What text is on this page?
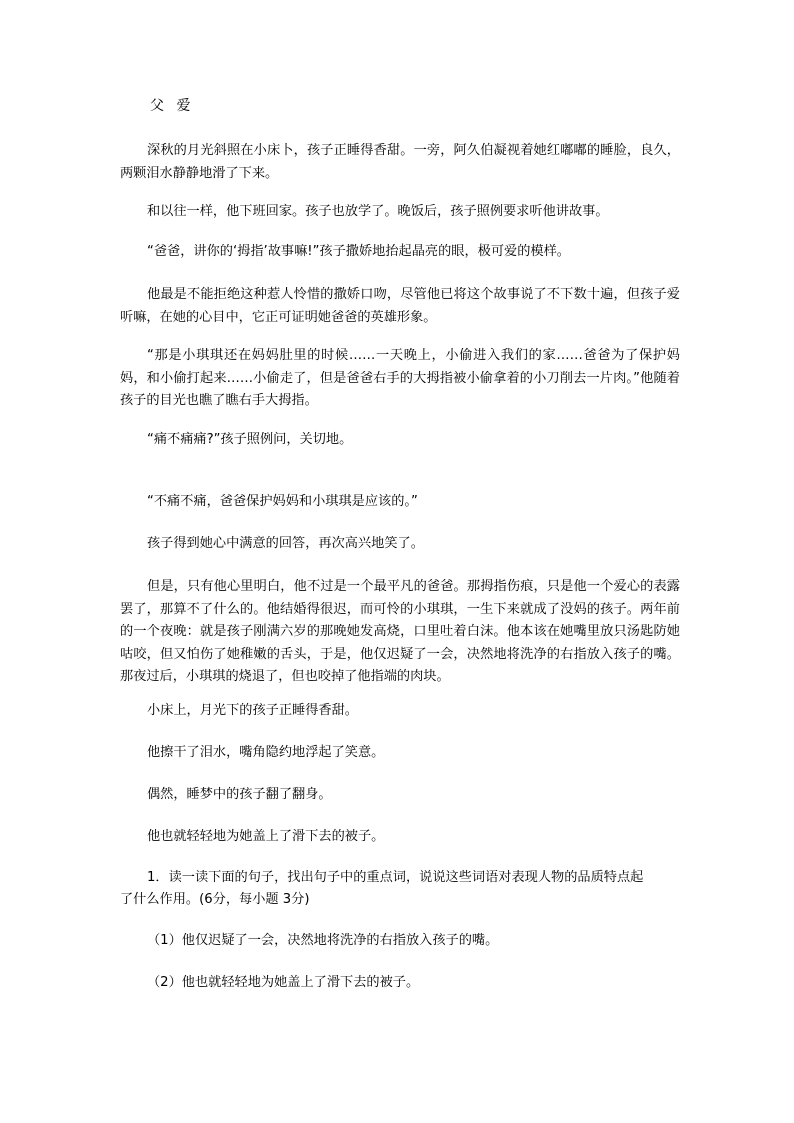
父 爱

深秋的月光斜照在小床卜，孩子正睡得香甜。一旁，阿久伯凝视着她红嘟嘟的睡脸，良久，两颗泪水静静地滑了下来。

和以往一样，他下班回家。孩子也放学了。晚饭后，孩子照例要求听他讲故事。

“爸爸，讲你的‘拇指’故事嘛!”孩子撒娇地抬起晶亮的眼，极可爱的模样。

他最是不能拒绝这种惹人怜惜的撒娇口吻，尽管他已将这个故事说了不下数十遍，但孩子爱听嘛，在她的心目中，它正可证明她爸爸的英雄形象。

“那是小琪琪还在妈妈肚里的时候……一天晚上，小偷进入我们的家……爸爸为了保护妈妈，和小偷打起来……小偷走了，但是爸爸右手的大拇指被小偷拿着的小刀削去一片肉。”他随着孩子的目光也瞧了瞧右手大拇指。

“痛不痛痛?”孩子照例问，关切地。

“不痛不痛，爸爸保护妈妈和小琪琪是应该的。”

孩子得到她心中满意的回答，再次高兴地笑了。

但是，只有他心里明白，他不过是一个最平凡的爸爸。那拇指伤痕，只是他一个爱心的表露罢了，那算不了什么的。他结婚得很迟，而可怜的小琪琪，一生下来就成了没妈的孩子。两年前的一个夜晚：就是孩子刚满六岁的那晚她发高烧，口里吐着白沫。他本该在她嘴里放只汤匙防她咕咬，但又怕伤了她稚嫩的舌头，于是，他仅迟疑了一会，决然地将洗净的右指放入孩子的嘴。那夜过后，小琪琪的烧退了，但也咬掉了他指端的肉块。

小床上，月光下的孩子正睡得香甜。

他擦干了泪水，嘴角隐约地浮起了笑意。

偶然，睡梦中的孩子翻了翻身。

他也就轻轻地为她盖上了滑下去的被子。

1．读一读下面的句子，找出句子中的重点词，说说这些词语对表现人物的品质特点起

了什么作用。(6分，每小题 3分)

（1）他仅迟疑了一会，决然地将洗净的右指放入孩子的嘴。

（2）他也就轻轻地为她盖上了滑下去的被子。
